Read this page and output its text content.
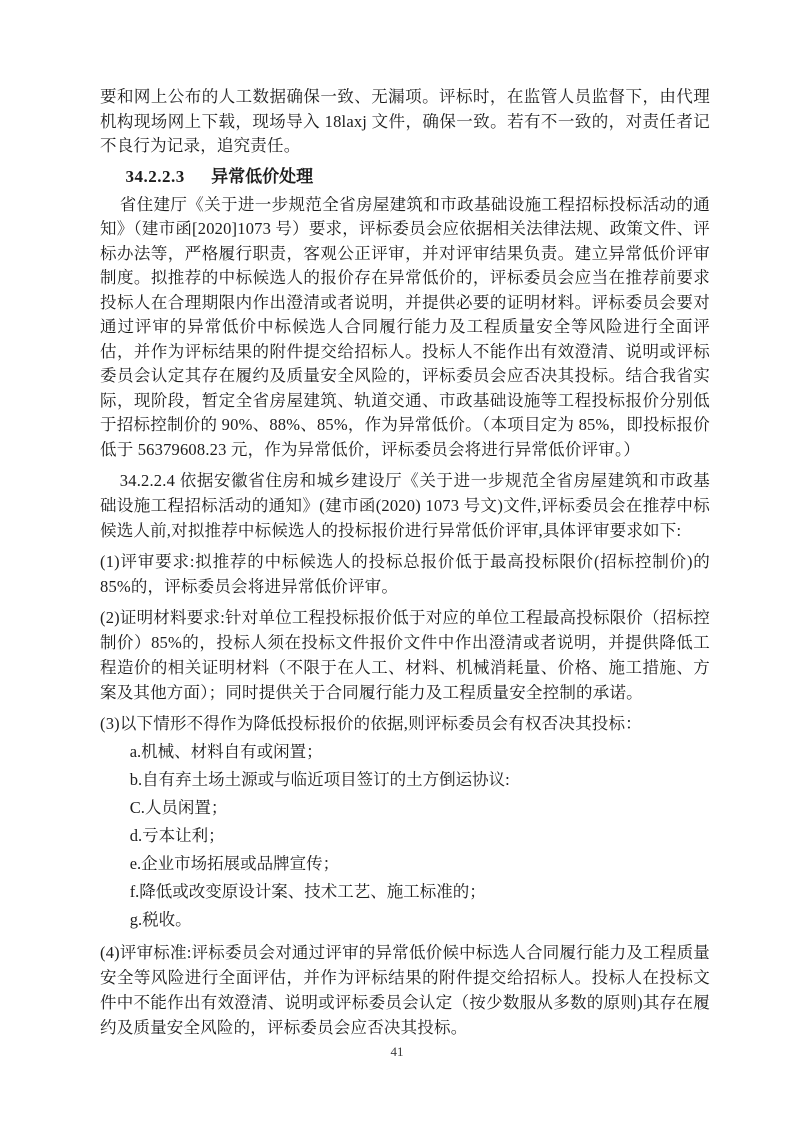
要和网上公布的人工数据确保一致、无漏项。评标时，在监管人员监督下，由代理机构现场网上下载，现场导入 18laxj 文件，确保一致。若有不一致的，对责任者记不良行为记录，追究责任。

34.2.2.3 异常低价处理

省住建厅《关于进一步规范全省房屋建筑和市政基础设施工程招标投标活动的通知》（建市函[2020]1073 号）要求，评标委员会应依据相关法律法规、政策文件、评标办法等，严格履行职责，客观公正评审，并对评审结果负责。建立异常低价评审制度。拟推荐的中标候选人的报价存在异常低价的，评标委员会应当在推荐前要求投标人在合理期限内作出澄清或者说明，并提供必要的证明材料。评标委员会要对通过评审的异常低价中标候选人合同履行能力及工程质量安全等风险进行全面评估，并作为评标结果的附件提交给招标人。投标人不能作出有效澄清、说明或评标委员会认定其存在履约及质量安全风险的，评标委员会应否决其投标。结合我省实际，现阶段，暂定全省房屋建筑、轨道交通、市政基础设施等工程投标报价分别低于招标控制价的 90%、88%、85%，作为异常低价。（本项目定为 85%，即投标报价低于 56379608.23 元，作为异常低价，评标委员会将进行异常低价评审。）

34.2.2.4 依据安徽省住房和城乡建设厅《关于进一步规范全省房屋建筑和市政基础设施工程招标活动的通知》(建市函(2020) 1073 号文)文件,评标委员会在推荐中标候选人前,对拟推荐中标候选人的投标报价进行异常低价评审,具体评审要求如下:

(1)评审要求:拟推荐的中标候选人的投标总报价低于最高投标限价(招标控制价)的 85%的，评标委员会将进异常低价评审。

(2)证明材料要求:针对单位工程投标报价低于对应的单位工程最高投标限价（招标控制价）85%的，投标人须在投标文件报价文件中作出澄清或者说明，并提供降低工程造价的相关证明材料（不限于在人工、材料、机械消耗量、价格、施工措施、方案及其他方面）；同时提供关于合同履行能力及工程质量安全控制的承诺。

(3)以下情形不得作为降低投标报价的依据,则评标委员会有权否决其投标：

a.机械、材料自有或闲置；

b.自有弃土场土源或与临近项目签订的土方倒运协议:

C.人员闲置；

d.亏本让利；

e.企业市场拓展或品牌宣传；

f.降低或改变原设计案、技术工艺、施工标准的；

g.税收。

(4)评审标准:评标委员会对通过评审的异常低价候中标选人合同履行能力及工程质量安全等风险进行全面评估，并作为评标结果的附件提交给招标人。投标人在投标文件中不能作出有效澄清、说明或评标委员会认定（按少数服从多数的原则)其存在履约及质量安全风险的，评标委员会应否决其投标。

41
